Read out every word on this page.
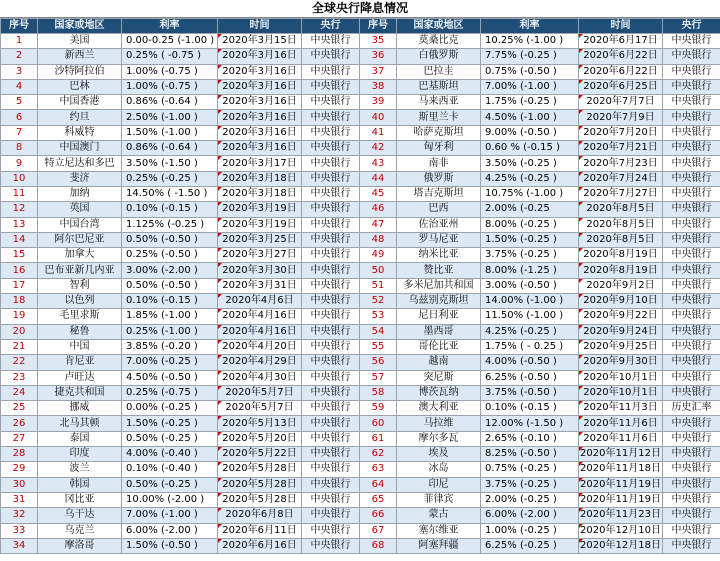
全球央行降息情况
序号	国家或地区	利率	时间	央行	序号	国家或地区	利率	时间	央行
1	美国	0.00-0.25 (-1.00 )	2020年3月15日	中央银行	35	莫桑比克	10.25% (-1.00 )	2020年6月17日	中央银行
2	新西兰	0.25% ( -0.75 )	2020年3月16日	中央银行	36	白俄罗斯	7.75% (-0.25 )	2020年6月22日	中央银行
3	沙特阿拉伯	1.00% (-0.75 )	2020年3月16日	中央银行	37	巴拉圭	0.75% (-0.50 )	2020年6月22日	中央银行
4	巴林	1.00% (-0.75 )	2020年3月16日	中央银行	38	巴基斯坦	7.00% (-1.00 )	2020年6月25日	中央银行
5	中国香港	0.86% (-0.64 )	2020年3月16日	中央银行	39	马来西亚	1.75% (-0.25 )	2020年7月7日	中央银行
6	约旦	2.50% (-1.00 )	2020年3月16日	中央银行	40	斯里兰卡	4.50% (-1.00 )	2020年7月9日	中央银行
7	科威特	1.50% (-1.00 )	2020年3月16日	中央银行	41	哈萨克斯坦	9.00% (-0.50 )	2020年7月20日	中央银行
8	中国澳门	0.86% (-0.64 )	2020年3月16日	中央银行	42	匈牙利	0.60 % (-0.15 )	2020年7月21日	中央银行
9	特立尼达和多巴	3.50% (-1.50 )	2020年3月17日	中央银行	43	南非	3.50% (-0.25 )	2020年7月23日	中央银行
10	斐济	0.25% (-0.25 )	2020年3月18日	中央银行	44	俄罗斯	4.25% (-0.25 )	2020年7月24日	中央银行
11	加纳	14.50% ( -1.50 )	2020年3月18日	中央银行	45	塔吉克斯坦	10.75% (-1.00 )	2020年7月27日	中央银行
12	英国	0.10% (-0.15 )	2020年3月19日	中央银行	46	巴西	2.00% (-0.25	2020年8月5日	中央银行
13	中国台湾	1.125% (-0.25 )	2020年3月19日	中央银行	47	佐治亚州	8.00% (-0.25 )	2020年8月5日	中央银行
14	阿尔巴尼亚	0.50% (-0.50 )	2020年3月25日	中央银行	48	罗马尼亚	1.50% (-0.25 )	2020年8月5日	中央银行
15	加拿大	0.25% (-0.50 )	2020年3月27日	中央银行	49	纳米比亚	3.75% (-0.25 )	2020年8月19日	中央银行
16	巴布亚新几内亚	3.00% (-2.00 )	2020年3月30日	中央银行	50	赞比亚	8.00% (-1.25 )	2020年8月19日	中央银行
17	智利	0.50% (-0.50 )	2020年3月31日	中央银行	51	多米尼加共和国	3.00% (-0.50 )	2020年9月2日	中央银行
18	以色列	0.10% (-0.15 )	2020年4月6日	中央银行	52	乌兹别克斯坦	14.00% (-1.00 )	2020年9月10日	中央银行
19	毛里求斯	1.85% (-1.00 )	2020年4月16日	中央银行	53	尼日利亚	11.50% (-1.00 )	2020年9月22日	中央银行
20	秘鲁	0.25% (-1.00 )	2020年4月16日	中央银行	54	墨西哥	4.25% (-0.25 )	2020年9月24日	中央银行
21	中国	3.85% (-0.20 )	2020年4月20日	中央银行	55	哥伦比亚	1.75% ( - 0.25 )	2020年9月25日	中央银行
22	肯尼亚	7.00% (-0.25 )	2020年4月29日	中央银行	56	越南	4.00% (-0.50 )	2020年9月30日	中央银行
23	卢旺达	4.50% (-0.50 )	2020年4月30日	中央银行	57	突尼斯	6.25% (-0.50 )	2020年10月1日	中央银行
24	捷克共和国	0.25% (-0.75 )	2020年5月7日	中央银行	58	博茨瓦纳	3.75% (-0.50 )	2020年10月1日	中央银行
25	挪威	0.00% (-0.25 )	2020年5月7日	中央银行	59	澳大利亚	0.10% (-0.15 )	2020年11月3日	历史汇率
26	北马其顿	1.50% (-0.25 )	2020年5月13日	中央银行	60	马拉维	12.00% (-1.50 )	2020年11月6日	中央银行
27	泰国	0.50% (-0.25 )	2020年5月20日	中央银行	61	摩尔多瓦	2.65% (-0.10 )	2020年11月6日	中央银行
28	印度	4.00% (-0.40 )	2020年5月22日	中央银行	62	埃及	8.25% (-0.50 )	2020年11月12日	中央银行
29	波兰	0.10% (-0.40 )	2020年5月28日	中央银行	63	冰岛	0.75% (-0.25 )	2020年11月18日	中央银行
30	韩国	0.50% (-0.25 )	2020年5月28日	中央银行	64	印尼	3.75% (-0.25 )	2020年11月19日	中央银行
31	冈比亚	10.00% (-2.00 )	2020年5月28日	中央银行	65	菲律宾	2.00% (-0.25 )	2020年11月19日	中央银行
32	乌干达	7.00% (-1.00 )	2020年6月8日	中央银行	66	蒙古	6.00% (-2.00 )	2020年11月23日	中央银行
33	乌克兰	6.00% (-2.00 )	2020年6月11日	中央银行	67	塞尔维亚	1.00% (-0.25 )	2020年12月10日	中央银行
34	摩洛哥	1.50% (-0.50 )	2020年6月16日	中央银行	68	阿塞拜疆	6.25% (-0.25 )	2020年12月18日	中央银行
